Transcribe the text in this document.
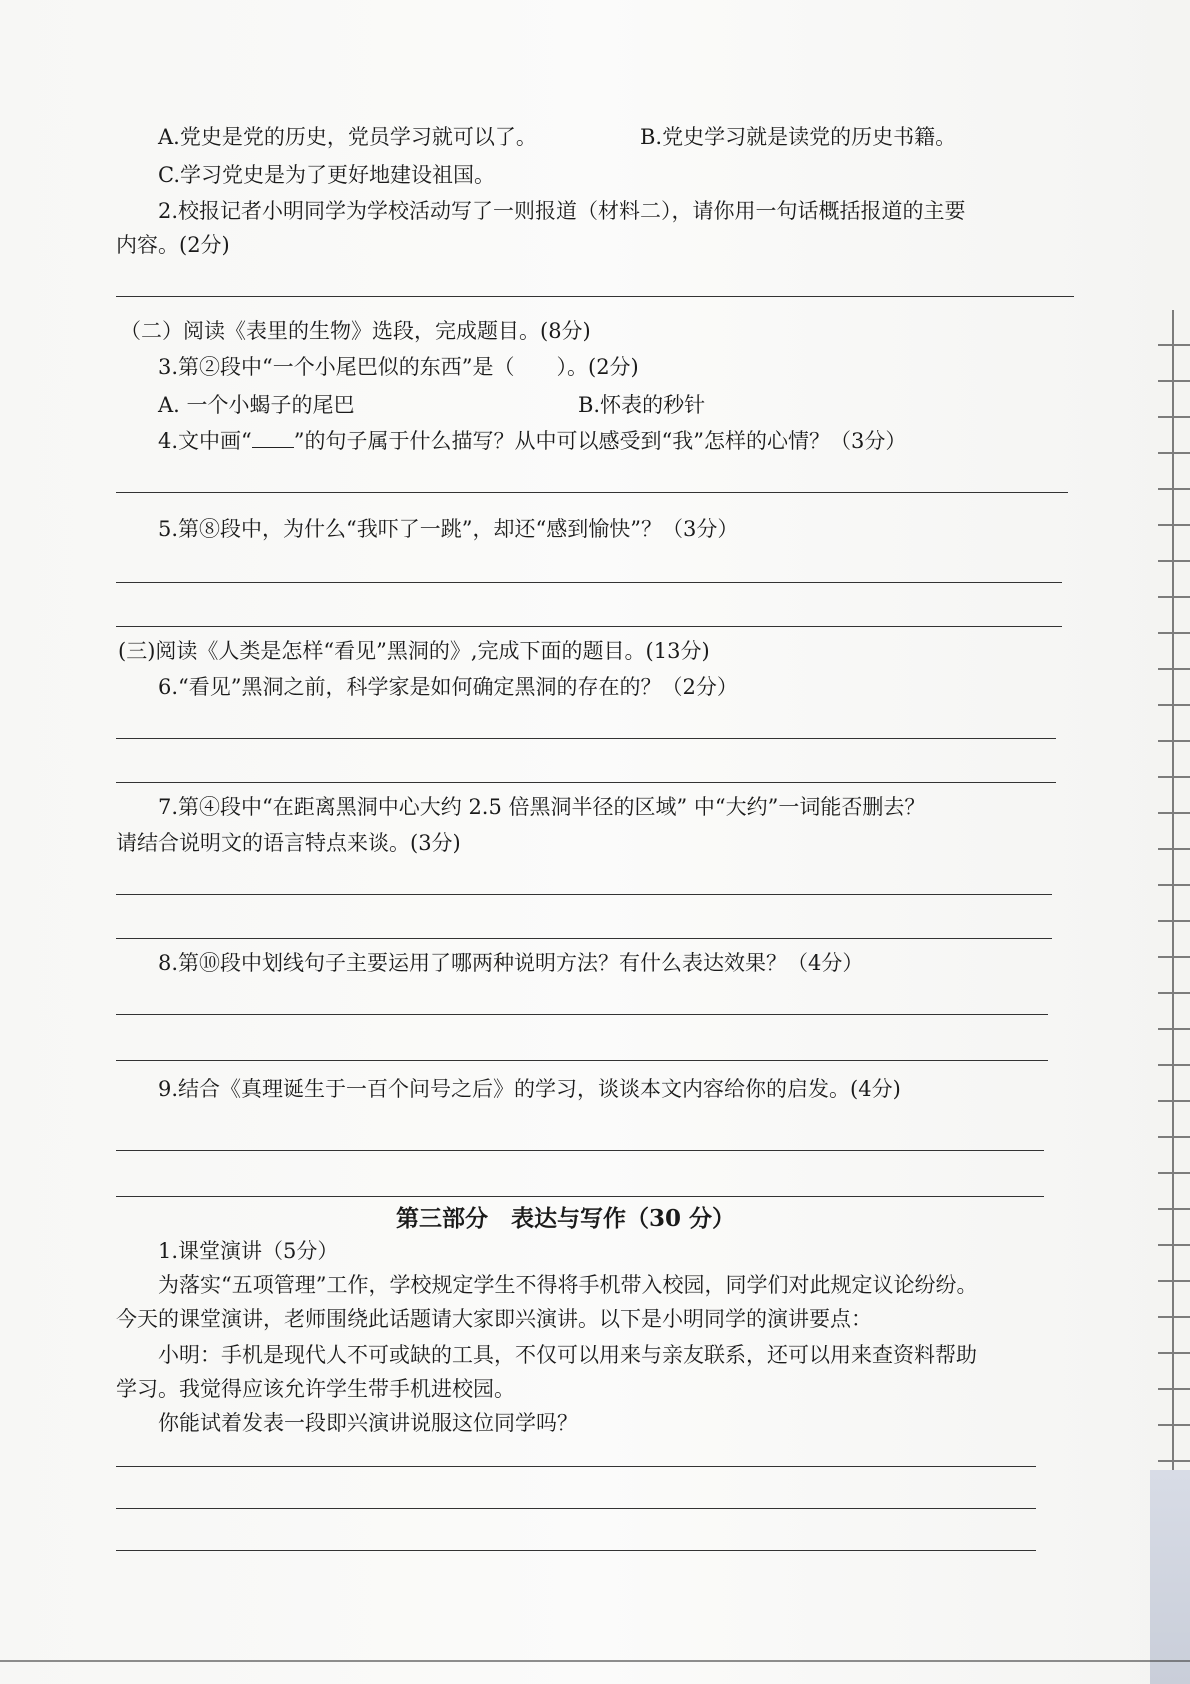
A.党史是党的历史，党员学习就可以了。	B.党史学习就是读党的历史书籍。
C.学习党史是为了更好地建设祖国。
2.校报记者小明同学为学校活动写了一则报道（材料二），请你用一句话概括报道的主要
内容。(2分)
（二）阅读《表里的生物》选段，完成题目。(8分)
3.第②段中“一个小尾巴似的东西”是（　　）。(2分)
A. 一个小蝎子的尾巴	B.怀表的秒针
4.文中画“ ”的句子属于什么描写？从中可以感受到“我”怎样的心情？（3分）
5.第⑧段中，为什么“我吓了一跳”，却还“感到愉快”？（3分）
(三)阅读《人类是怎样“看见”黑洞的》,完成下面的题目。(13分)
6.“看见”黑洞之前，科学家是如何确定黑洞的存在的？（2分）
7.第④段中“在距离黑洞中心大约 2.5 倍黑洞半径的区域” 中“大约”一词能否删去？
请结合说明文的语言特点来谈。(3分)
8.第⑩段中划线句子主要运用了哪两种说明方法？有什么表达效果？（4分）
9.结合《真理诞生于一百个问号之后》的学习，谈谈本文内容给你的启发。(4分)
第三部分　表达与写作（30 分）
1.课堂演讲（5分）
为落实“五项管理”工作，学校规定学生不得将手机带入校园，同学们对此规定议论纷纷。
今天的课堂演讲，老师围绕此话题请大家即兴演讲。以下是小明同学的演讲要点：
小明：手机是现代人不可或缺的工具，不仅可以用来与亲友联系，还可以用来查资料帮助
学习。我觉得应该允许学生带手机进校园。
你能试着发表一段即兴演讲说服这位同学吗？
